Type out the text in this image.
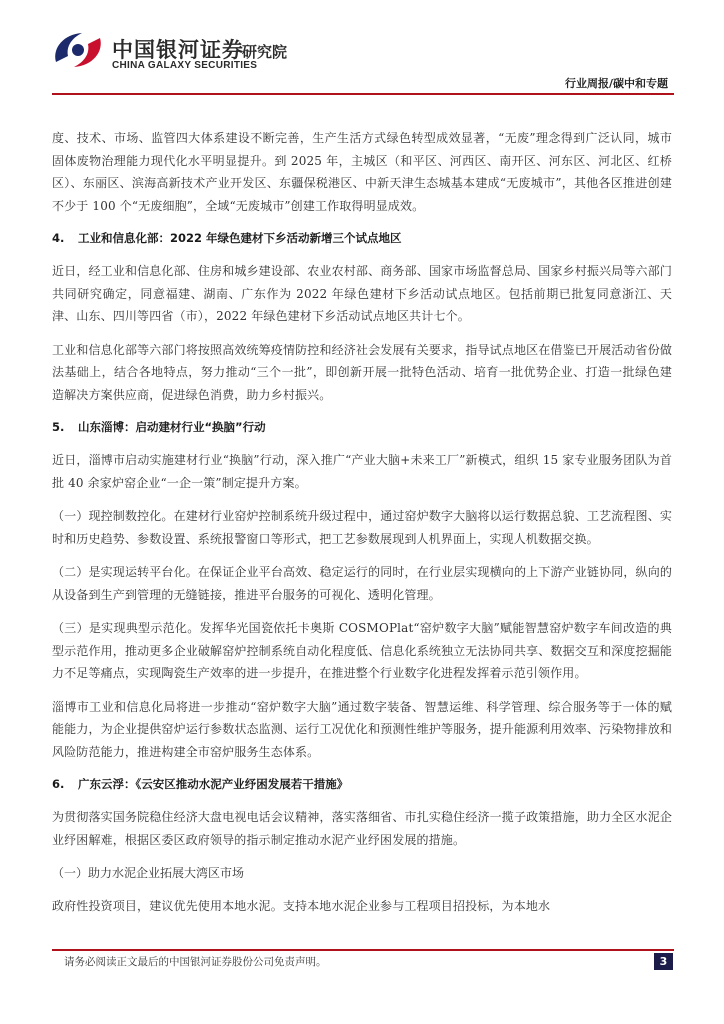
中国银河证券
CHINA GALAXY SECURITIES
研究院
行业周报/碳中和专题

度、技术、市场、监管四大体系建设不断完善，生产生活方式绿色转型成效显著，“无废”理念得到广泛认同，城市固体废物治理能力现代化水平明显提升。到 2025 年，主城区（和平区、河西区、南开区、河东区、河北区、红桥区）、东丽区、滨海高新技术产业开发区、东疆保税港区、中新天津生态城基本建成“无废城市”，其他各区推进创建不少于 100 个“无废细胞”，全域“无废城市”创建工作取得明显成效。

4. 工业和信息化部：2022 年绿色建材下乡活动新增三个试点地区

近日，经工业和信息化部、住房和城乡建设部、农业农村部、商务部、国家市场监督总局、国家乡村振兴局等六部门共同研究确定，同意福建、湖南、广东作为 2022 年绿色建材下乡活动试点地区。包括前期已批复同意浙江、天津、山东、四川等四省（市），2022 年绿色建材下乡活动试点地区共计七个。

工业和信息化部等六部门将按照高效统筹疫情防控和经济社会发展有关要求，指导试点地区在借鉴已开展活动省份做法基础上，结合各地特点，努力推动“三个一批”，即创新开展一批特色活动、培育一批优势企业、打造一批绿色建造解决方案供应商，促进绿色消费，助力乡村振兴。

5. 山东淄博：启动建材行业“换脑”行动

近日，淄博市启动实施建材行业“换脑”行动，深入推广“产业大脑+未来工厂”新模式，组织 15 家专业服务团队为首批 40 余家炉窑企业“一企一策”制定提升方案。

（一）现控制数控化。在建材行业窑炉控制系统升级过程中，通过窑炉数字大脑将以运行数据总貌、工艺流程图、实时和历史趋势、参数设置、系统报警窗口等形式，把工艺参数展现到人机界面上，实现人机数据交换。

（二）是实现运转平台化。在保证企业平台高效、稳定运行的同时，在行业层实现横向的上下游产业链协同，纵向的从设备到生产到管理的无缝链接，推进平台服务的可视化、透明化管理。

（三）是实现典型示范化。发挥华光国瓷依托卡奥斯 COSMOPlat“窑炉数字大脑”赋能智慧窑炉数字车间改造的典型示范作用，推动更多企业破解窑炉控制系统自动化程度低、信息化系统独立无法协同共享、数据交互和深度挖掘能力不足等痛点，实现陶瓷生产效率的进一步提升，在推进整个行业数字化进程发挥着示范引领作用。

淄博市工业和信息化局将进一步推动“窑炉数字大脑”通过数字装备、智慧运维、科学管理、综合服务等于一体的赋能能力，为企业提供窑炉运行参数状态监测、运行工况优化和预测性维护等服务，提升能源利用效率、污染物排放和风险防范能力，推进构建全市窑炉服务生态体系。

6. 广东云浮：《云安区推动水泥产业纾困发展若干措施》

为贯彻落实国务院稳住经济大盘电视电话会议精神，落实落细省、市扎实稳住经济一揽子政策措施，助力全区水泥企业纾困解难，根据区委区政府领导的指示制定推动水泥产业纾困发展的措施。

（一）助力水泥企业拓展大湾区市场

政府性投资项目，建议优先使用本地水泥。支持本地水泥企业参与工程项目招投标，为本地水

请务必阅读正文最后的中国银河证券股份公司免责声明。	3
